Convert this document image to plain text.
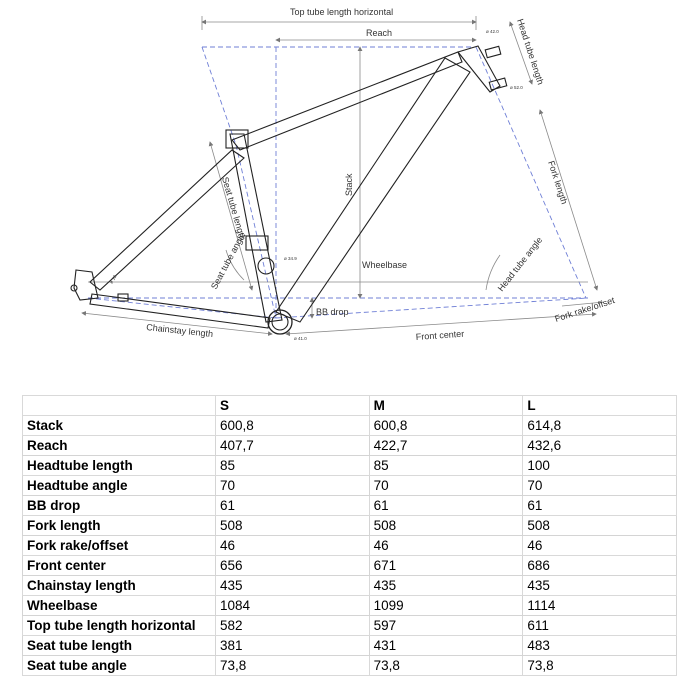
Top tube length horizontal
Reach	Head tube length
Stack	Fork length
Seat tube length
Seat tube angle	Wheelbase	Head tube angle
Fork rake/offset
BB drop
Chainstay length	Front center
ø 42.0
ø 52.0
ø 34.9
ø 41.0
ø 12
	S	M	L
Stack	600,8	600,8	614,8
Reach	407,7	422,7	432,6
Headtube length	85	85	100
Headtube angle	70	70	70
BB drop	61	61	61
Fork length	508	508	508
Fork rake/offset	46	46	46
Front center	656	671	686
Chainstay length	435	435	435
Wheelbase	1084	1099	1114
Top tube length horizontal	582	597	611
Seat tube length	381	431	483
Seat tube angle	73,8	73,8	73,8
